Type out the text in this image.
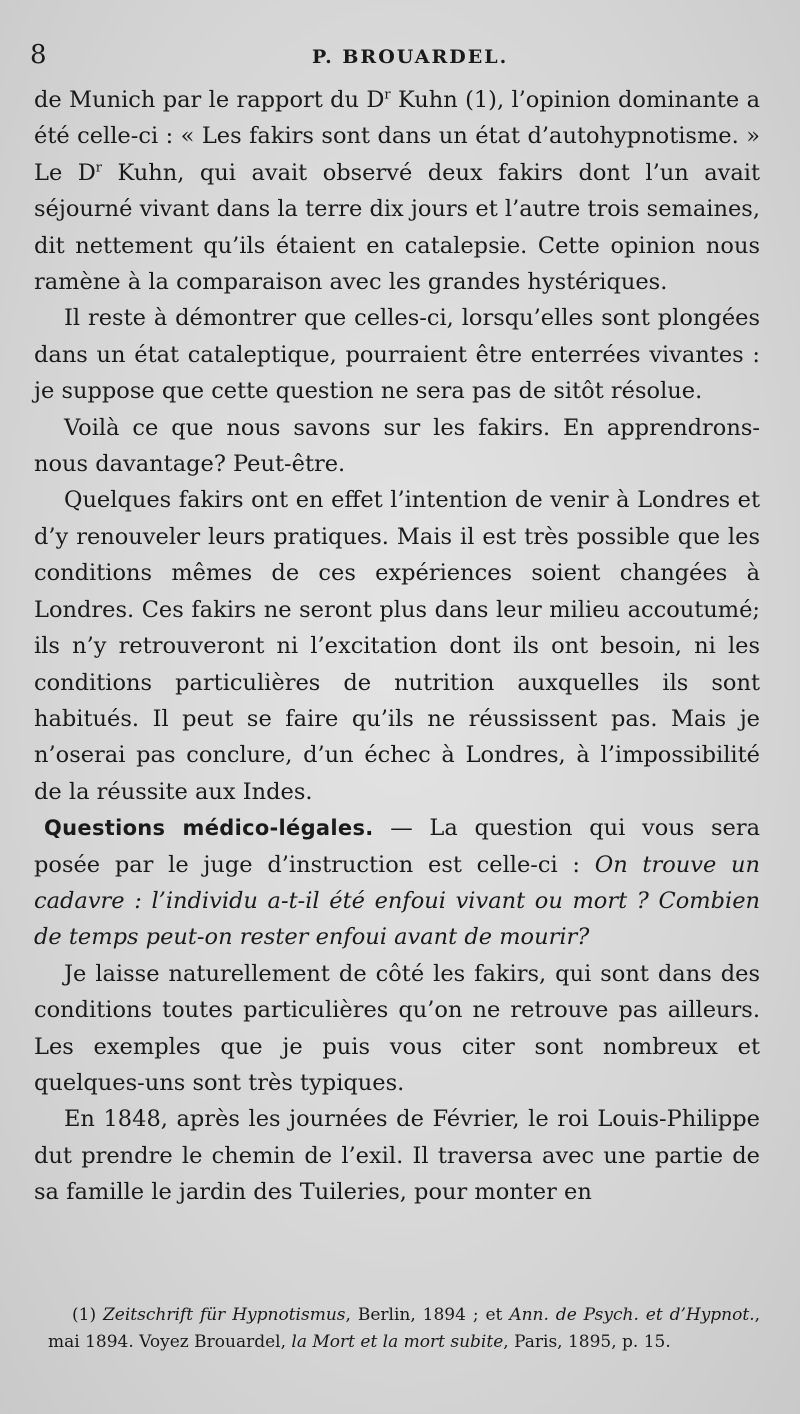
8	P. BROUARDEL.

de Munich par le rapport du $D^r$ Kuhn (1), l’opinion dominante a été celle-ci : « Les fakirs sont dans un état d’autohypnotisme. » Le $D^r$ Kuhn, qui avait observé deux fakirs dont l’un avait séjourné vivant dans la terre dix jours et l’autre trois semaines, dit nettement qu’ils étaient en catalepsie. Cette opinion nous ramène à la comparaison avec les grandes hystériques.

Il reste à démontrer que celles-ci, lorsqu’elles sont plongées dans un état cataleptique, pourraient être enterrées vivantes : je suppose que cette question ne sera pas de sitôt résolue.

Voilà ce que nous savons sur les fakirs. En apprendrons-nous davantage? Peut-être.

Quelques fakirs ont en effet l’intention de venir à Londres et d’y renouveler leurs pratiques. Mais il est très possible que les conditions mêmes de ces expériences soient changées à Londres. Ces fakirs ne seront plus dans leur milieu accoutumé; ils n’y retrouveront ni l’excitation dont ils ont besoin, ni les conditions particulières de nutrition auxquelles ils sont habitués. Il peut se faire qu’ils ne réussissent pas. Mais je n’oserai pas conclure, d’un échec à Londres, à l’impossibilité de la réussite aux Indes.

Questions médico-légales. — La question qui vous sera posée par le juge d’instruction est celle-ci : On trouve un cadavre : l’individu a-t-il été enfoui vivant ou mort ? Combien de temps peut-on rester enfoui avant de mourir?

Je laisse naturellement de côté les fakirs, qui sont dans des conditions toutes particulières qu’on ne retrouve pas ailleurs. Les exemples que je puis vous citer sont nombreux et quelques-uns sont très typiques.

En 1848, après les journées de Février, le roi Louis-Philippe dut prendre le chemin de l’exil. Il traversa avec une partie de sa famille le jardin des Tuileries, pour monter en

(1) Zeitschrift für Hypnotismus, Berlin, 1894 ; et Ann. de Psych. et d’Hypnot., mai 1894. Voyez Brouardel, la Mort et la mort subite, Paris, 1895, p. 15.
